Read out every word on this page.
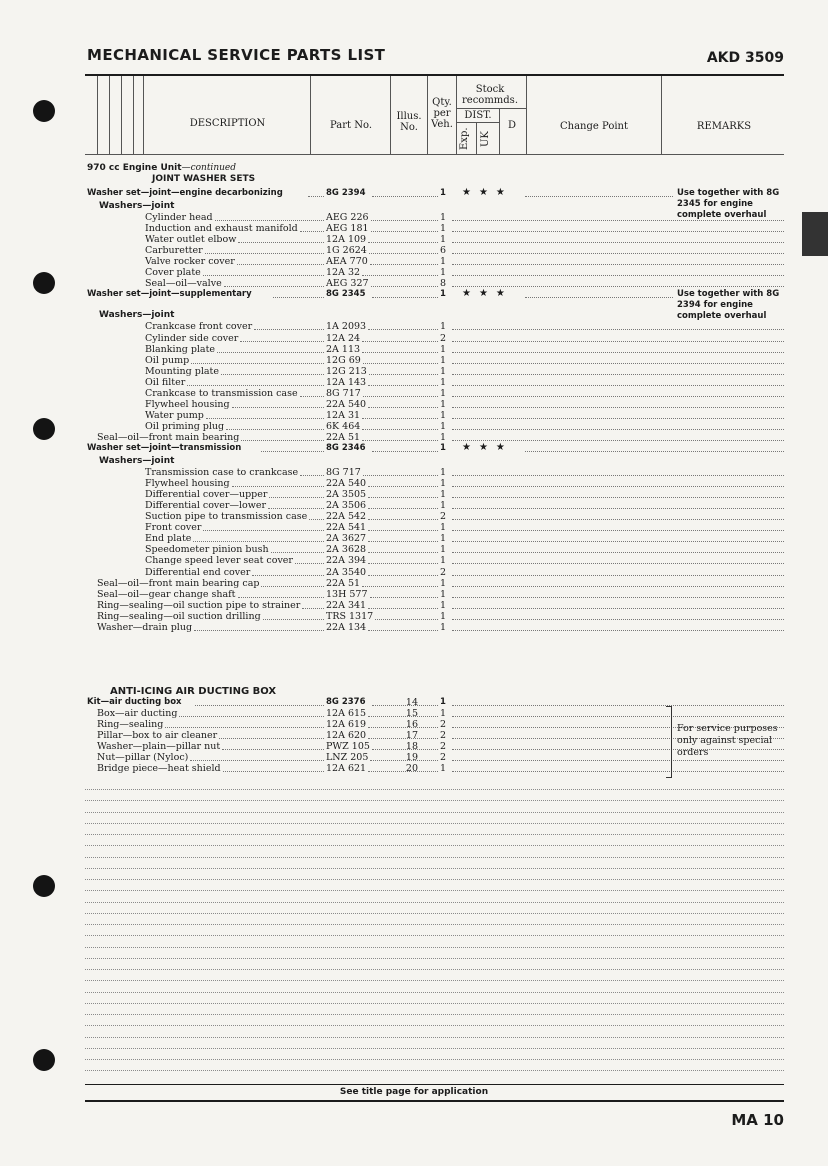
MECHANICAL SERVICE PARTS LIST	AKD 3509
DESCRIPTION	Part No.
Illus. No.
Qty. per Veh.
Stock recommds.
DIST.
Exp.	UK
D	Change Point	REMARKS
970 cc Engine Unit—continued
JOINT WASHER SETS
Washer set—joint—engine decarbonizing	8G 2394	1 ★★★	Use together with 8G 2345 for engine complete overhaul
Washers—joint
Cylinder head	AEG 226	1
Induction and exhaust manifold	AEG 181	1
Water outlet elbow	12A 109	1
Carburetter	1G 2624	6
Valve rocker cover	AEA 770	1
Cover plate	12A 32	1
Seal—oil—valve	AEG 327	8
Washer set—joint—supplementary	8G 2345	1 ★★★	Use together with 8G 2394 for engine complete overhaul
Washers—joint
Crankcase front cover	1A 2093	1
Cylinder side cover	12A 24	2
Blanking plate	2A 113	1
Oil pump	12G 69	1
Mounting plate	12G 213	1
Oil filter	12A 143	1
Crankcase to transmission case	8G 717	1
Flywheel housing	22A 540	1
Water pump	12A 31	1
Oil priming plug	6K 464	1
Seal—oil—front main bearing	22A 51	1
Washer set—joint—transmission	8G 2346	1 ★★★
Washers—joint
Transmission case to crankcase	8G 717	1
Flywheel housing	22A 540	1
Differential cover—upper	2A 3505	1
Differential cover—lower	2A 3506	1
Suction pipe to transmission case 22A 542	2
Front cover	22A 541	1
End plate	2A 3627	1
Speedometer pinion bush	2A 3628	1
Change speed lever seat cover	22A 394	1
Differential end cover	2A 3540	2
Seal—oil—front main bearing cap	22A 51	1
Seal—oil—gear change shaft	13H 577	1
Ring—sealing—oil suction pipe to strainer	22A 341	1
Ring—sealing—oil suction drilling	TRS 1317	1
Washer—drain plug	22A 134	1
ANTI-ICING AIR DUCTING BOX
Kit—air ducting box	8G 2376	14	1
Box—air ducting	12A 615	15 1
Ring—sealing	12A 619	16 2
Pillar—box to air cleaner	12A 620	17 2
Washer—plain—pillar nut	PWZ 105	18 2
Nut—pillar (Nyloc)	LNZ 205	19 2
Bridge piece—heat shield	12A 621	20 1
For service purposes only against special orders
See title page for application
MA 10
